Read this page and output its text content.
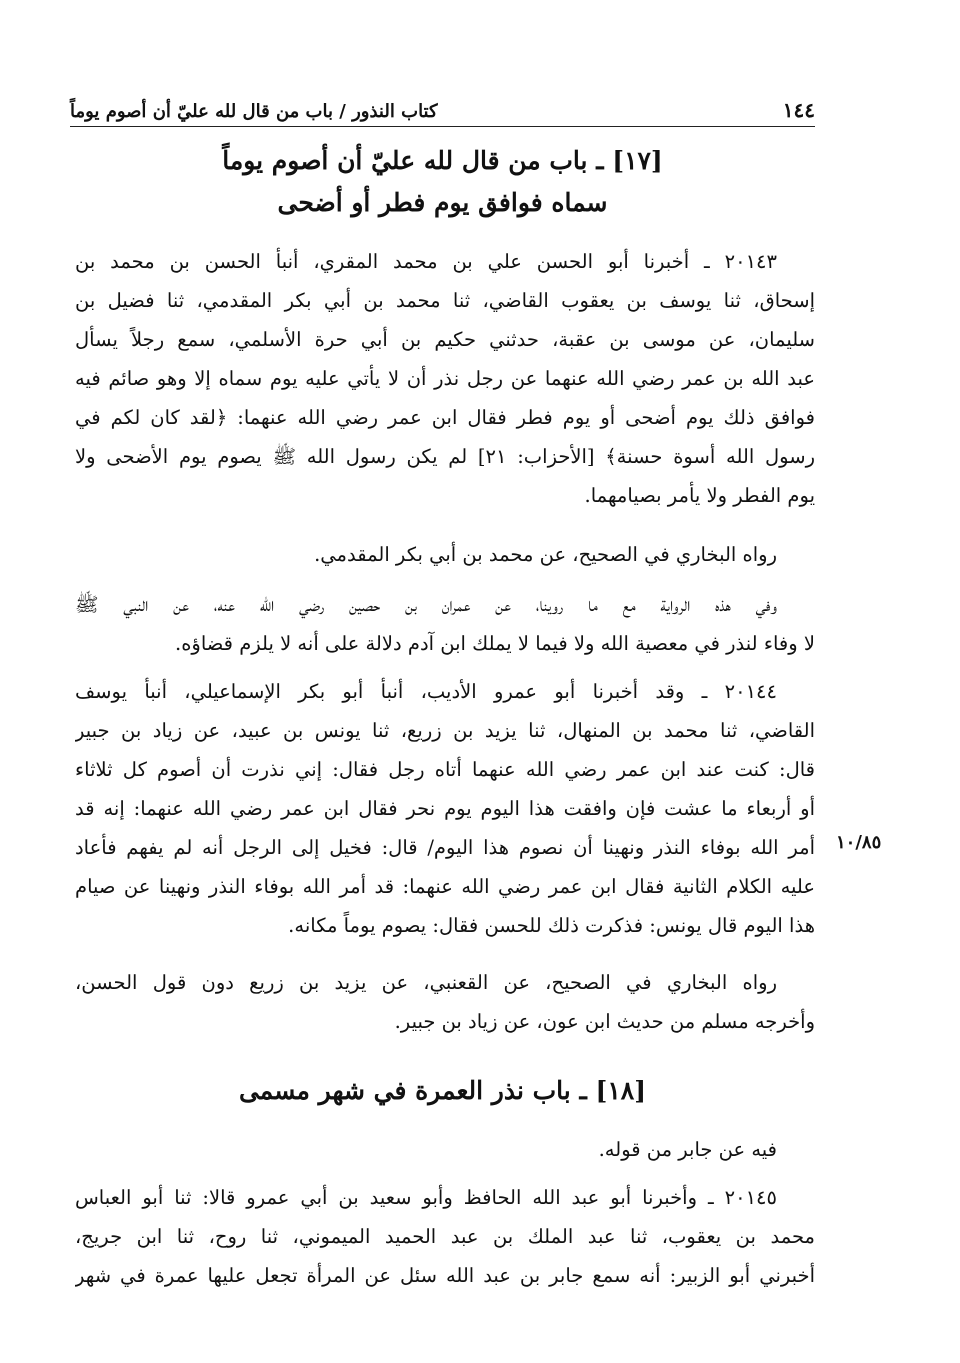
١٤٤
كتاب النذور / باب من قال لله عليّ أن أصوم يوماً
[١٧] ـ باب من قال لله عليّ أن أصوم يوماً
سماه فوافق يوم فطر أو أضحى
٢٠١٤٣ ـ أخبرنا أبو الحسن علي بن محمد المقري، أنبأ الحسن بن محمد بن
إسحاق، ثنا يوسف بن يعقوب القاضي، ثنا محمد بن أبي بكر المقدمي، ثنا فضيل بن
سليمان، عن موسى بن عقبة، حدثني حكيم بن أبي حرة الأسلمي، سمع رجلاً يسأل
عبد الله بن عمر رضي الله عنهما عن رجل نذر أن لا يأتي عليه يوم سماه إلا وهو صائم فيه
فوافق ذلك يوم أضحى أو يوم فطر فقال ابن عمر رضي الله عنهما: ﴿لقد كان لكم في
رسول الله أسوة حسنة﴾ [الأحزاب: ٢١] لم يكن رسول الله ﷺ يصوم يوم الأضحى ولا
يوم الفطر ولا يأمر بصيامهما.
رواه البخاري في الصحيح، عن محمد بن أبي بكر المقدمي.
وفي هذه الرواية مع ما روينا، عن عمران بن حصين رضي الله عنه، عن النبي ﷺ
لا وفاء لنذر في معصية الله ولا فيما لا يملك ابن آدم دلالة على أنه لا يلزم قضاؤه.
٢٠١٤٤ ـ وقد أخبرنا أبو عمرو الأديب، أنبأ أبو بكر الإسماعيلي، أنبأ يوسف
القاضي، ثنا محمد بن المنهال، ثنا يزيد بن زريع، ثنا يونس بن عبيد، عن زياد بن جبير
قال: كنت عند ابن عمر رضي الله عنهما أتاه رجل فقال: إني نذرت أن أصوم كل ثلاثاء
أو أربعاء ما عشت فإن وافقت هذا اليوم يوم نحر فقال ابن عمر رضي الله عنهما: إنه قد
أمر الله بوفاء النذر ونهينا أن نصوم هذا اليوم/ قال: فخيل إلى الرجل أنه لم يفهم فأعاد
عليه الكلام الثانية فقال ابن عمر رضي الله عنهما: قد أمر الله بوفاء النذر ونهينا عن صيام
هذا اليوم قال يونس: فذكرت ذلك للحسن فقال: يصوم يوماً مكانه.
١٠/٨٥
رواه البخاري في الصحيح، عن القعنبي، عن يزيد بن زريع دون قول الحسن،
وأخرجه مسلم من حديث ابن عون، عن زياد بن جبير.
[١٨] ـ باب نذر العمرة في شهر مسمى
فيه عن جابر من قوله.
٢٠١٤٥ ـ وأخبرنا أبو عبد الله الحافظ وأبو سعيد بن أبي عمرو قالا: ثنا أبو العباس
محمد بن يعقوب، ثنا عبد الملك بن عبد الحميد الميموني، ثنا روح، ثنا ابن جريج،
أخبرني أبو الزبير: أنه سمع جابر بن عبد الله سئل عن المرأة تجعل عليها عمرة في شهر
